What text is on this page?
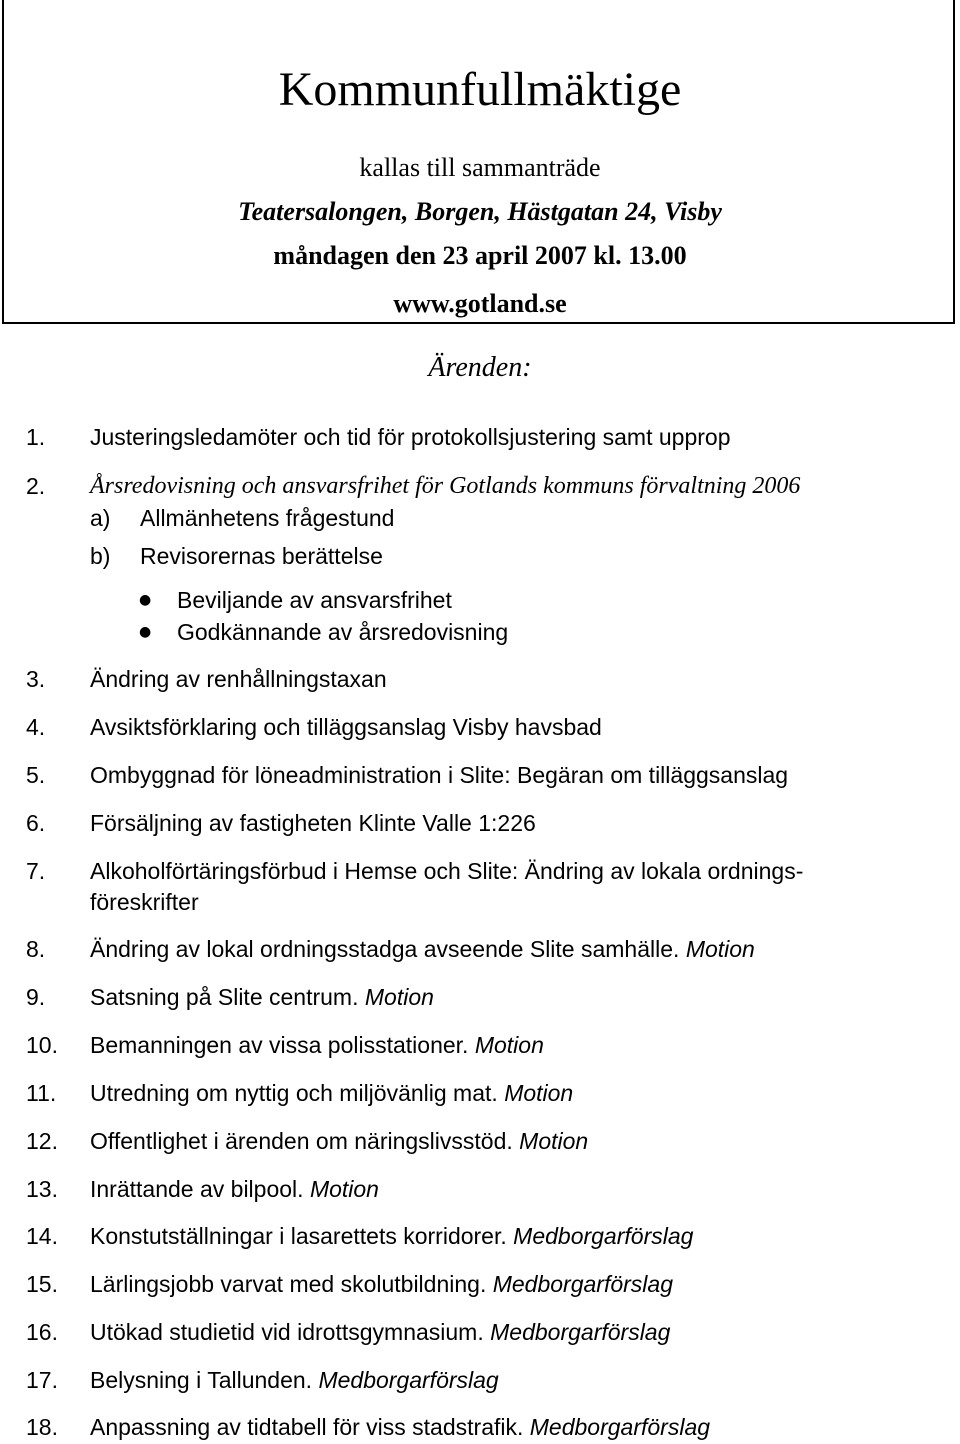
Kommunfullmäktige
kallas till sammanträde
Teatersalongen, Borgen, Hästgatan 24, Visby
måndagen den 23 april 2007 kl. 13.00
www.gotland.se
Ärenden:
1. Justeringsledamöter och tid för protokollsjustering samt upprop
2. Årsredovisning och ansvarsfrihet för Gotlands kommuns förvaltning 2006
a) Allmänhetens frågestund
b) Revisorernas berättelse
● Beviljande av ansvarsfrihet
● Godkännande av årsredovisning
3. Ändring av renhållningstaxan
4. Avsiktsförklaring och tilläggsanslag Visby havsbad
5. Ombyggnad för löneadministration i Slite: Begäran om tilläggsanslag
6. Försäljning av fastigheten Klinte Valle 1:226
7. Alkoholförtäringsförbud i Hemse och Slite: Ändring av lokala ordnings-
föreskrifter
8. Ändring av lokal ordningsstadga avseende Slite samhälle. Motion
9. Satsning på Slite centrum. Motion
10. Bemanningen av vissa polisstationer. Motion
11. Utredning om nyttig och miljövänlig mat. Motion
12. Offentlighet i ärenden om näringslivsstöd. Motion
13. Inrättande av bilpool. Motion
14. Konstutställningar i lasarettets korridorer. Medborgarförslag
15. Lärlingsjobb varvat med skolutbildning. Medborgarförslag
16. Utökad studietid vid idrottsgymnasium. Medborgarförslag
17. Belysning i Tallunden. Medborgarförslag
18. Anpassning av tidtabell för viss stadstrafik. Medborgarförslag
